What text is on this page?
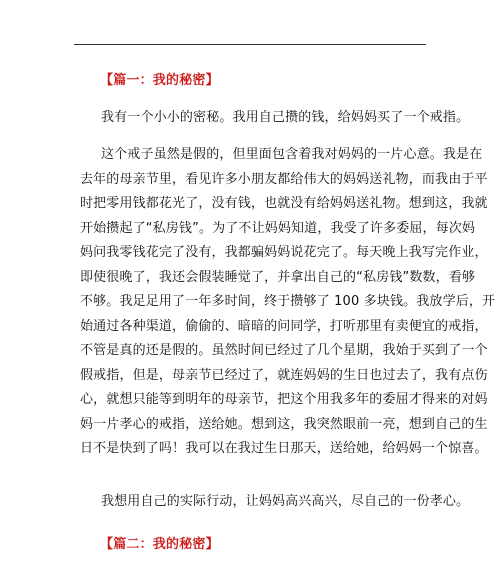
【篇一：我的秘密】
我有一个小小的密秘。我用自己攒的钱，给妈妈买了一个戒指。
这个戒子虽然是假的，但里面包含着我对妈妈的一片心意。我是在
去年的母亲节里，看见许多小朋友都给伟大的妈妈送礼物，而我由于平
时把零用钱都花光了，没有钱，也就没有给妈妈送礼物。想到这，我就
开始攒起了“私房钱”。为了不让妈妈知道，我受了许多委屈，每次妈
妈问我零钱花完了没有，我都骗妈妈说花完了。每天晚上我写完作业，
即使很晚了，我还会假装睡觉了，并拿出自己的“私房钱”数数，看够
不够。我足足用了一年多时间，终于攒够了 100 多块钱。我放学后，开
始通过各种渠道，偷偷的、暗暗的问同学，打听那里有卖便宜的戒指，
不管是真的还是假的。虽然时间已经过了几个星期，我始于买到了一个
假戒指，但是，母亲节已经过了，就连妈妈的生日也过去了，我有点伤
心，就想只能等到明年的母亲节，把这个用我多年的委屈才得来的对妈
妈一片孝心的戒指，送给她。想到这，我突然眼前一亮，想到自己的生
日不是快到了吗！我可以在我过生日那天，送给她，给妈妈一个惊喜。
我想用自己的实际行动，让妈妈高兴高兴，尽自己的一份孝心。
【篇二：我的秘密】
